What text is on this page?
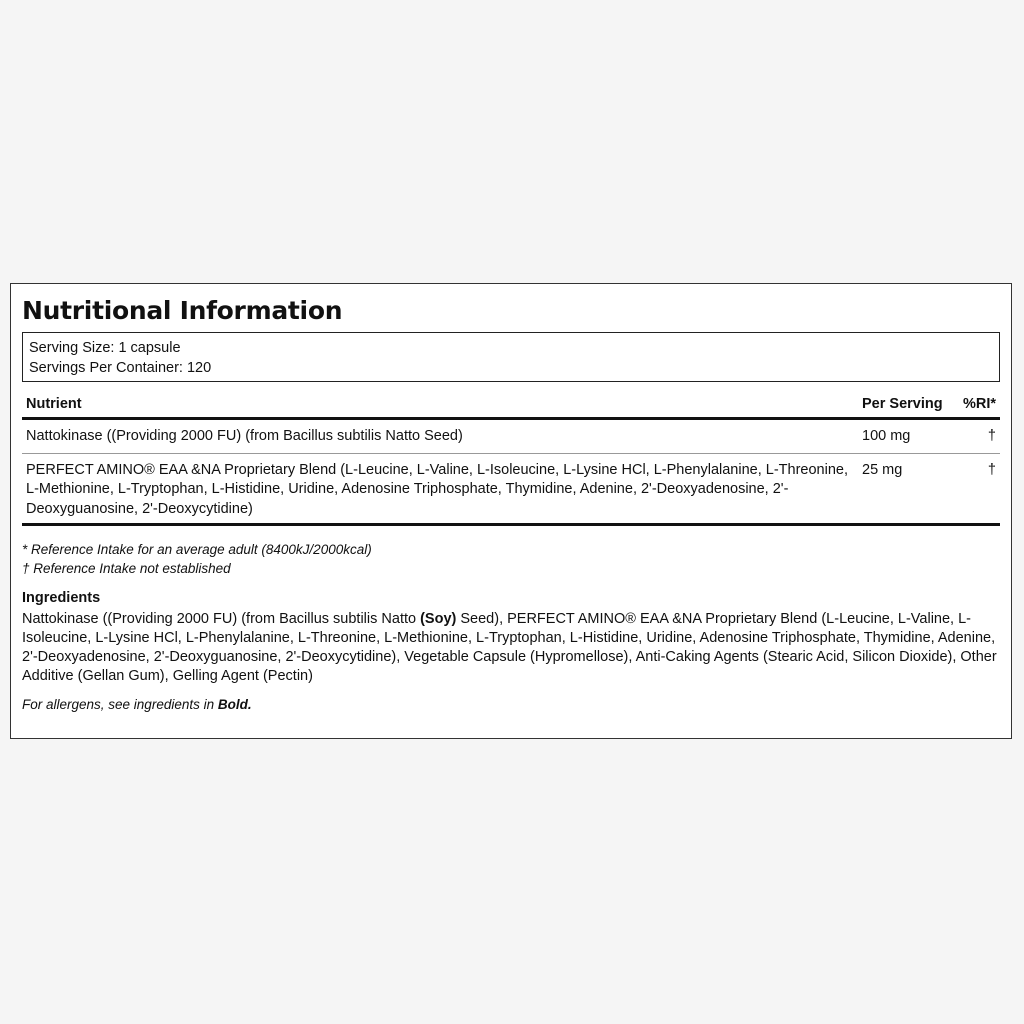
Nutritional Information
Serving Size: 1 capsule
Servings Per Container: 120
Nutrient	Per Serving	%RI*
Nattokinase ((Providing 2000 FU) (from Bacillus subtilis Natto Seed)	100 mg	†
PERFECT AMINO® EAA &NA Proprietary Blend (L-Leucine, L-Valine, L-Isoleucine, L-Lysine HCl, L-Phenylalanine, L-Threonine, L-Methionine, L-Tryptophan, L-Histidine, Uridine, Adenosine Triphosphate, Thymidine, Adenine, 2'-Deoxyadenosine, 2'-Deoxyguanosine, 2'-Deoxycytidine)	25 mg	†
* Reference Intake for an average adult (8400kJ/2000kcal)
† Reference Intake not established
Ingredients
Nattokinase ((Providing 2000 FU) (from Bacillus subtilis Natto (Soy) Seed), PERFECT AMINO® EAA &NA Proprietary Blend (L-Leucine, L-Valine, L-Isoleucine, L-Lysine HCl, L-Phenylalanine, L-Threonine, L-Methionine, L-Tryptophan, L-Histidine, Uridine, Adenosine Triphosphate, Thymidine, Adenine, 2'-Deoxyadenosine, 2'-Deoxyguanosine, 2'-Deoxycytidine), Vegetable Capsule (Hypromellose), Anti-Caking Agents (Stearic Acid, Silicon Dioxide), Other Additive (Gellan Gum), Gelling Agent (Pectin)
For allergens, see ingredients in Bold.
